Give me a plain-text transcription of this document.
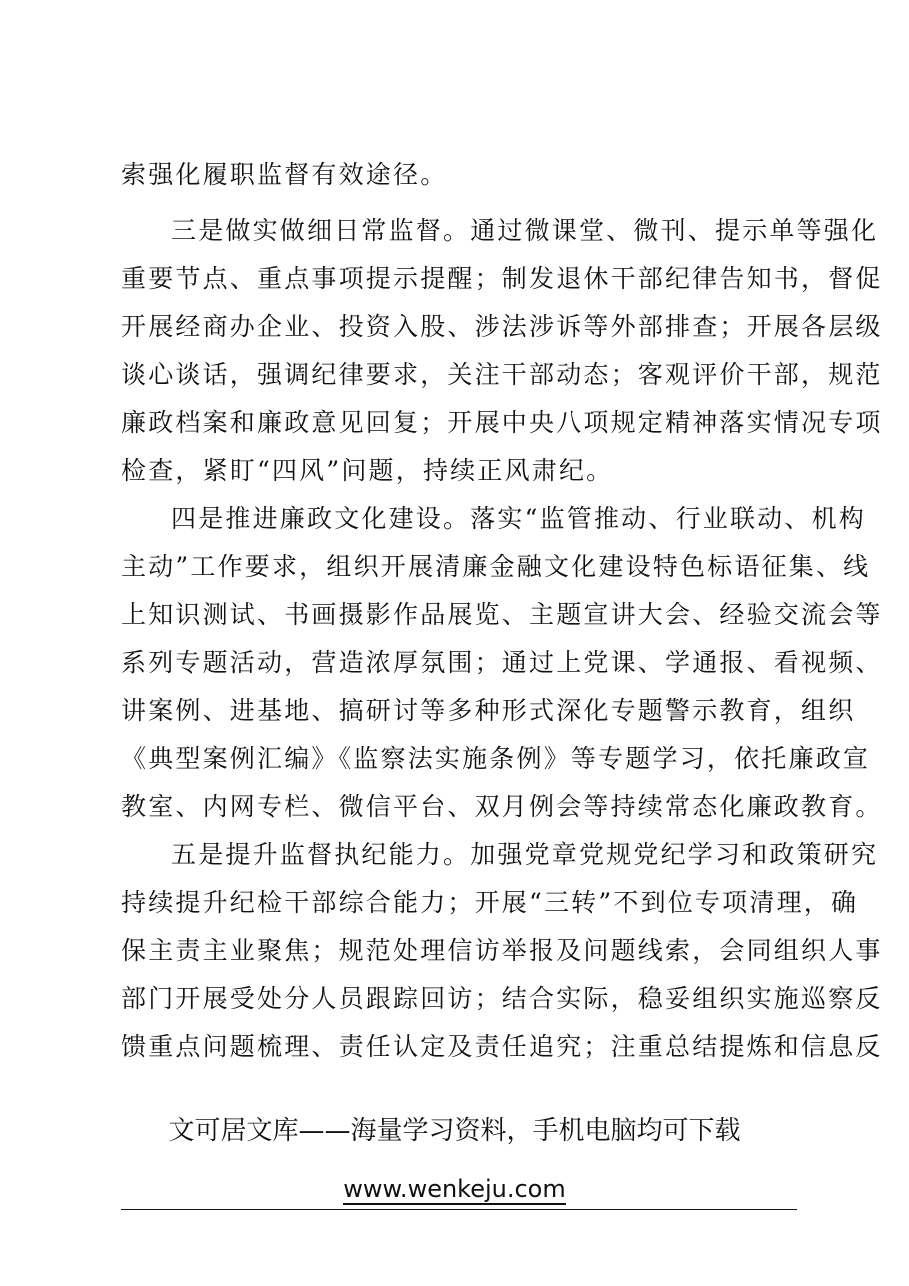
索强化履职监督有效途径。
三是做实做细日常监督。通过微课堂、微刊、提示单等强化
重要节点、重点事项提示提醒；制发退休干部纪律告知书，督促
开展经商办企业、投资入股、涉法涉诉等外部排查；开展各层级
谈心谈话，强调纪律要求，关注干部动态；客观评价干部，规范
廉政档案和廉政意见回复；开展中央八项规定精神落实情况专项
检查，紧盯“四风”问题，持续正风肃纪。
四是推进廉政文化建设。落实“监管推动、行业联动、机构
主动”工作要求，组织开展清廉金融文化建设特色标语征集、线
上知识测试、书画摄影作品展览、主题宣讲大会、经验交流会等
系列专题活动，营造浓厚氛围；通过上党课、学通报、看视频、
讲案例、进基地、搞研讨等多种形式深化专题警示教育，组织
《典型案例汇编》《监察法实施条例》等专题学习，依托廉政宣
教室、内网专栏、微信平台、双月例会等持续常态化廉政教育。
五是提升监督执纪能力。加强党章党规党纪学习和政策研究
持续提升纪检干部综合能力；开展“三转”不到位专项清理，确
保主责主业聚焦；规范处理信访举报及问题线索，会同组织人事
部门开展受处分人员跟踪回访；结合实际，稳妥组织实施巡察反
馈重点问题梳理、责任认定及责任追究；注重总结提炼和信息反
文可居文库——海量学习资料，手机电脑均可下载
www.wenkeju.com
